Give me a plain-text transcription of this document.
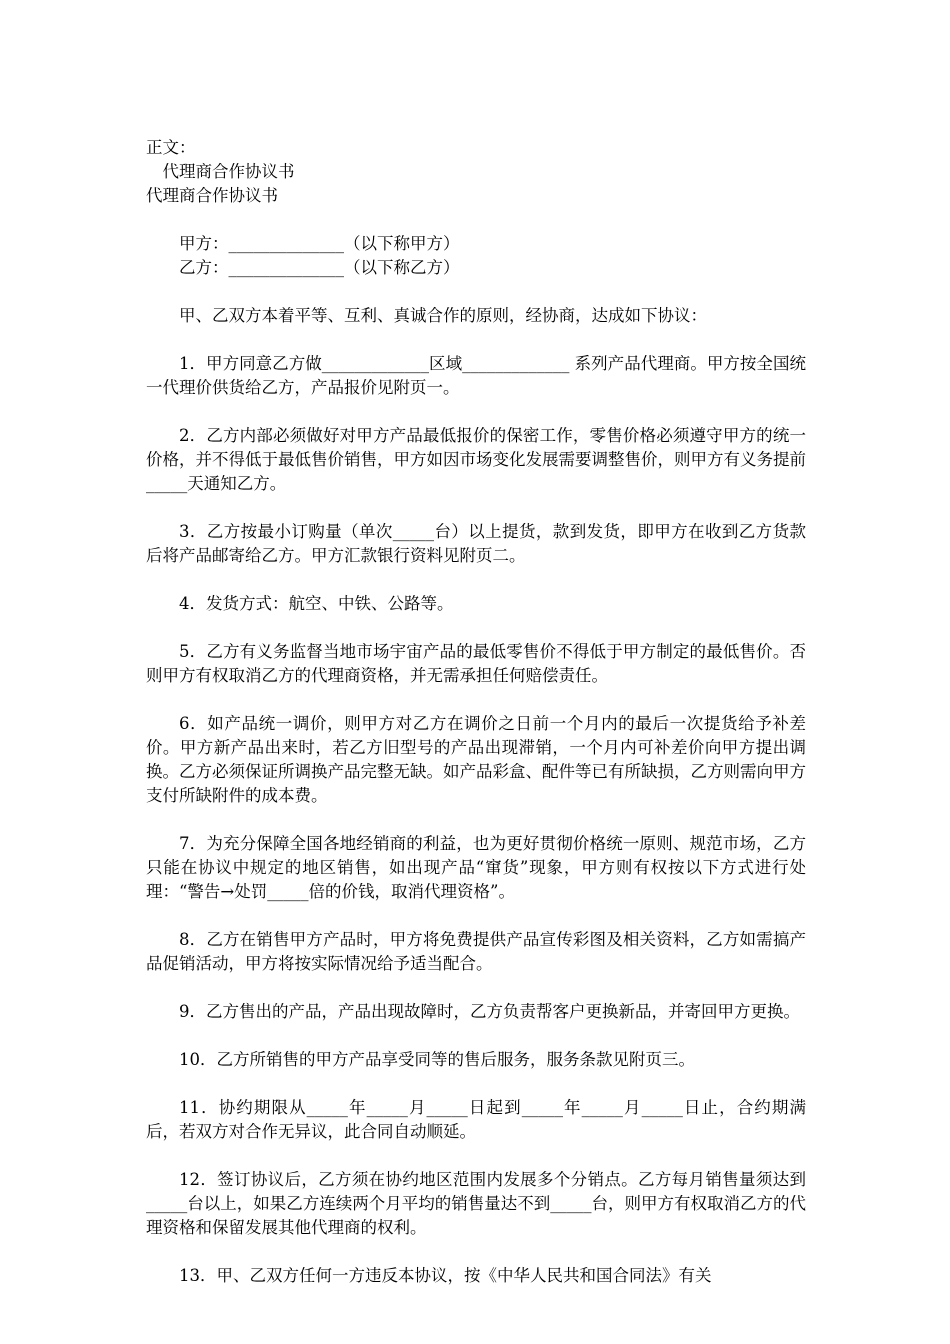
正文：
代理商合作协议书
代理商合作协议书
甲方：______________（以下称甲方）
乙方：______________（以下称乙方）
甲、乙双方本着平等、互利、真诚合作的原则，经协商，达成如下协议：
1．甲方同意乙方做_____________区域_____________ 系列产品代理商。甲方按全国统一代理价供货给乙方，产品报价见附页一。
2．乙方内部必须做好对甲方产品最低报价的保密工作，零售价格必须遵守甲方的统一价格，并不得低于最低售价销售，甲方如因市场变化发展需要调整售价，则甲方有义务提前_____天通知乙方。
3．乙方按最小订购量（单次_____台）以上提货，款到发货，即甲方在收到乙方货款后将产品邮寄给乙方。甲方汇款银行资料见附页二。
4．发货方式：航空、中铁、公路等。
5．乙方有义务监督当地市场宇宙产品的最低零售价不得低于甲方制定的最低售价。否则甲方有权取消乙方的代理商资格，并无需承担任何赔偿责任。
6．如产品统一调价，则甲方对乙方在调价之日前一个月内的最后一次提货给予补差价。甲方新产品出来时，若乙方旧型号的产品出现滞销，一个月内可补差价向甲方提出调换。乙方必须保证所调换产品完整无缺。如产品彩盒、配件等已有所缺损，乙方则需向甲方支付所缺附件的成本费。
7．为充分保障全国各地经销商的利益，也为更好贯彻价格统一原则、规范市场，乙方只能在协议中规定的地区销售，如出现产品“窜货”现象，甲方则有权按以下方式进行处理：“警告→处罚_____倍的价钱，取消代理资格”。
8．乙方在销售甲方产品时，甲方将免费提供产品宣传彩图及相关资料，乙方如需搞产品促销活动，甲方将按实际情况给予适当配合。
9．乙方售出的产品，产品出现故障时，乙方负责帮客户更换新品，并寄回甲方更换。
10．乙方所销售的甲方产品享受同等的售后服务，服务条款见附页三。
11．协约期限从_____年_____月_____日起到_____年_____月_____日止，合约期满后，若双方对合作无异议，此合同自动顺延。
12．签订协议后，乙方须在协约地区范围内发展多个分销点。乙方每月销售量须达到_____台以上，如果乙方连续两个月平均的销售量达不到_____台，则甲方有权取消乙方的代理资格和保留发展其他代理商的权利。
13．甲、乙双方任何一方违反本协议，按《中华人民共和国合同法》有关
